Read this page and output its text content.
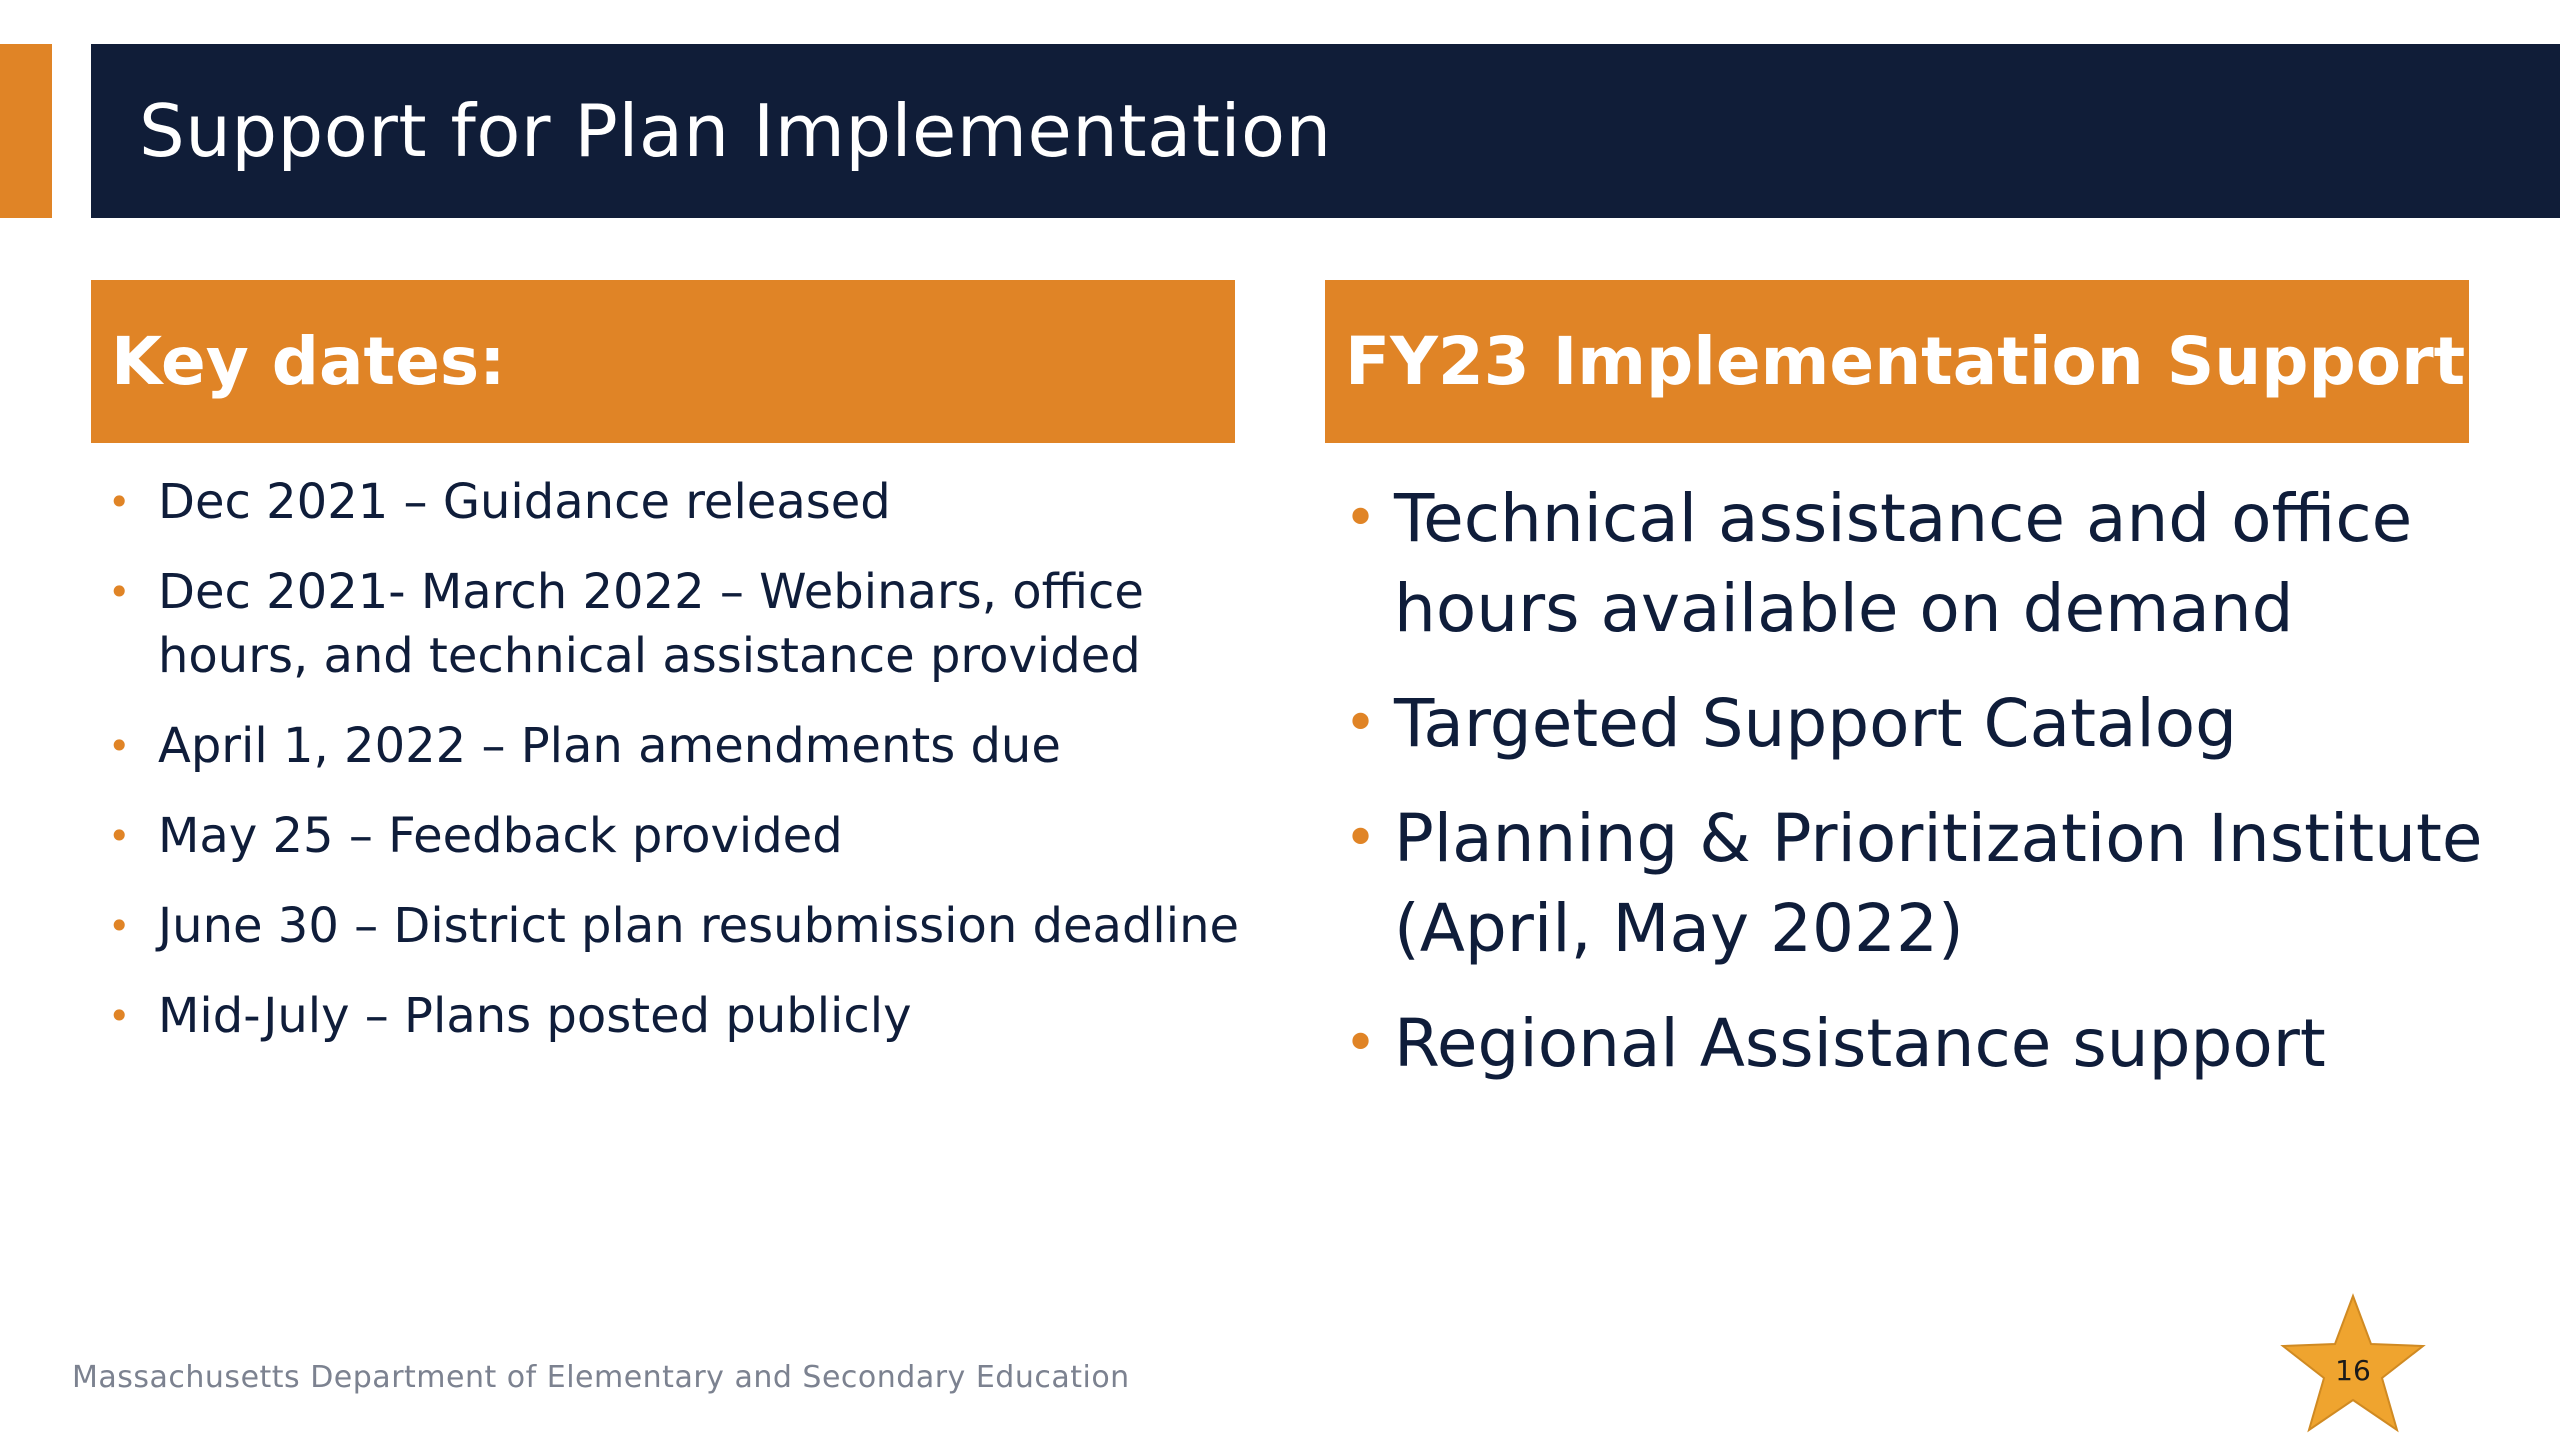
Support for Plan Implementation
Key dates:	FY23 Implementation Support
• Dec 2021 – Guidance released
• Dec 2021- March 2022 – Webinars, office hours, and technical assistance provided
• April 1, 2022 – Plan amendments due
• May 25 – Feedback provided
• June 30 – District plan resubmission deadline
• Mid-July – Plans posted publicly
• Technical assistance and office hours available on demand
• Targeted Support Catalog
• Planning & Prioritization Institute (April, May 2022)
• Regional Assistance support
Massachusetts Department of Elementary and Secondary Education	16
